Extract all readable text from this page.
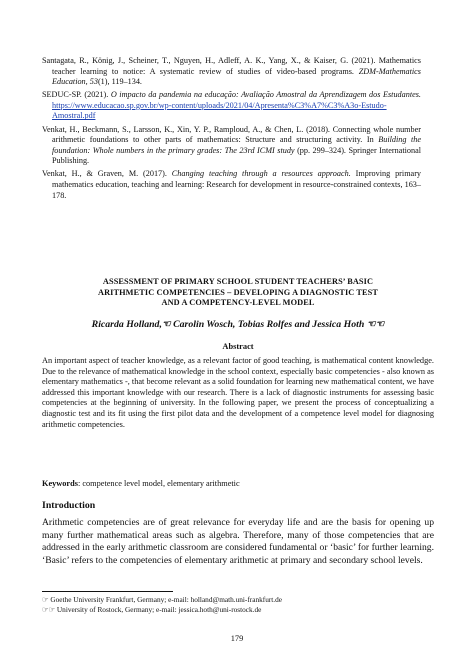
Santagata, R., König, J., Scheiner, T., Nguyen, H., Adleff, A. K., Yang, X., & Kaiser, G. (2021). Mathematics teacher learning to notice: A systematic review of studies of video-based programs. ZDM-Mathematics Education, 53(1), 119–134.
SEDUC-SP. (2021). O impacto da pandemia na educação: Avaliação Amostral da Aprendizagem dos Estudantes. https://www.educacao.sp.gov.br/wp-content/uploads/2021/04/Apresenta%C3%A7%C3%A3o-Estudo-Amostral.pdf
Venkat, H., Beckmann, S., Larsson, K., Xin, Y. P., Ramploud, A., & Chen, L. (2018). Connecting whole number arithmetic foundations to other parts of mathematics: Structure and structuring activity. In Building the foundation: Whole numbers in the primary grades: The 23rd ICMI study (pp. 299–324). Springer International Publishing.
Venkat, H., & Graven, M. (2017). Changing teaching through a resources approach. Improving primary mathematics education, teaching and learning: Research for development in resource-constrained contexts, 163–178.
ASSESSMENT OF PRIMARY SCHOOL STUDENT TEACHERS’ BASIC
ARITHMETIC COMPETENCIES – DEVELOPING A DIAGNOSTIC TEST
AND A COMPETENCY-LEVEL MODEL
Ricarda Holland,☜ Carolin Wosch, Tobias Rolfes and Jessica Hoth ☜☜
Abstract
An important aspect of teacher knowledge, as a relevant factor of good teaching, is mathematical content knowledge. Due to the relevance of mathematical knowledge in the school context, especially basic competencies - also known as elementary mathematics -, that become relevant as a solid foundation for learning new mathematical content, we have addressed this important knowledge with our research. There is a lack of diagnostic instruments for assessing basic competencies at the beginning of university. In the following paper, we present the process of conceptualizing a diagnostic test and its fit using the first pilot data and the development of a competence level model for diagnosing arithmetic competencies.
Keywords: competence level model, elementary arithmetic
Introduction
Arithmetic competencies are of great relevance for everyday life and are the basis for opening up many further mathematical areas such as algebra. Therefore, many of those competencies that are addressed in the early arithmetic classroom are considered fundamental or ‘basic’ for further learning. ‘Basic’ refers to the competencies of elementary arithmetic at primary and secondary school levels.
☞ Goethe University Frankfurt, Germany; e-mail: holland@math.uni-frankfurt.de
☞☞ University of Rostock, Germany; e-mail: jessica.hoth@uni-rostock.de
179
